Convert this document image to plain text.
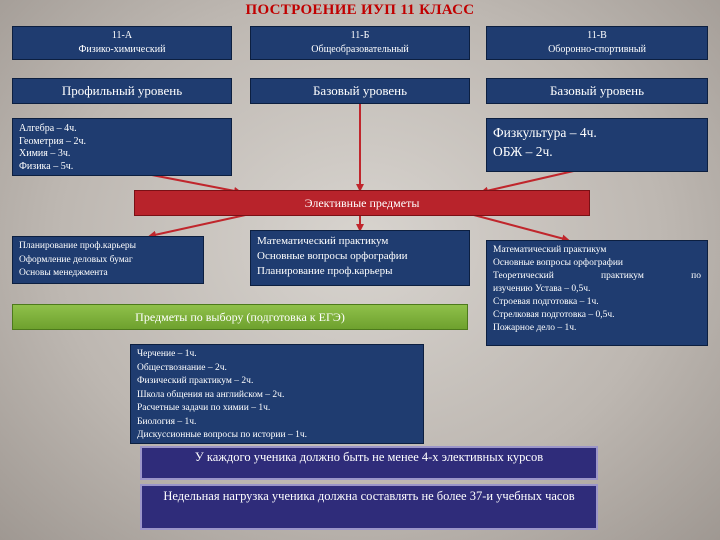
ПОСТРОЕНИЕ ИУП 11 КЛАСС
11-А
Физико-химический
11-Б
Общеобразовательный
11-В
Оборонно-спортивный
Профильный уровень	Базовый уровень	Базовый уровень
Алгебра – 4ч.
Геометрия – 2ч.
Химия – 3ч.
Физика – 5ч.
Физкультура – 4ч.
ОБЖ – 2ч.
Элективные предметы
Планирование проф.карьеры
Оформление деловых бумаг
Основы менеджмента
Математический практикум
Основные вопросы орфографии
Планирование проф.карьеры
Математический практикум
Основные вопросы орфографии
Теоретический	практикум	по
изучению Устава – 0,5ч.
Строевая подготовка – 1ч.
Стрелковая подготовка – 0,5ч.
Пожарное дело – 1ч.
Предметы по выбору (подготовка к ЕГЭ)
Черчение – 1ч.
Обществознание – 2ч.
Физический практикум – 2ч.
Школа общения на английском – 2ч.
Расчетные задачи по химии – 1ч.
Биология – 1ч.
Дискуссионные вопросы по истории – 1ч.
У каждого ученика должно быть не менее 4-х элективных курсов
Недельная нагрузка ученика должна составлять не более 37-и учебных часов
